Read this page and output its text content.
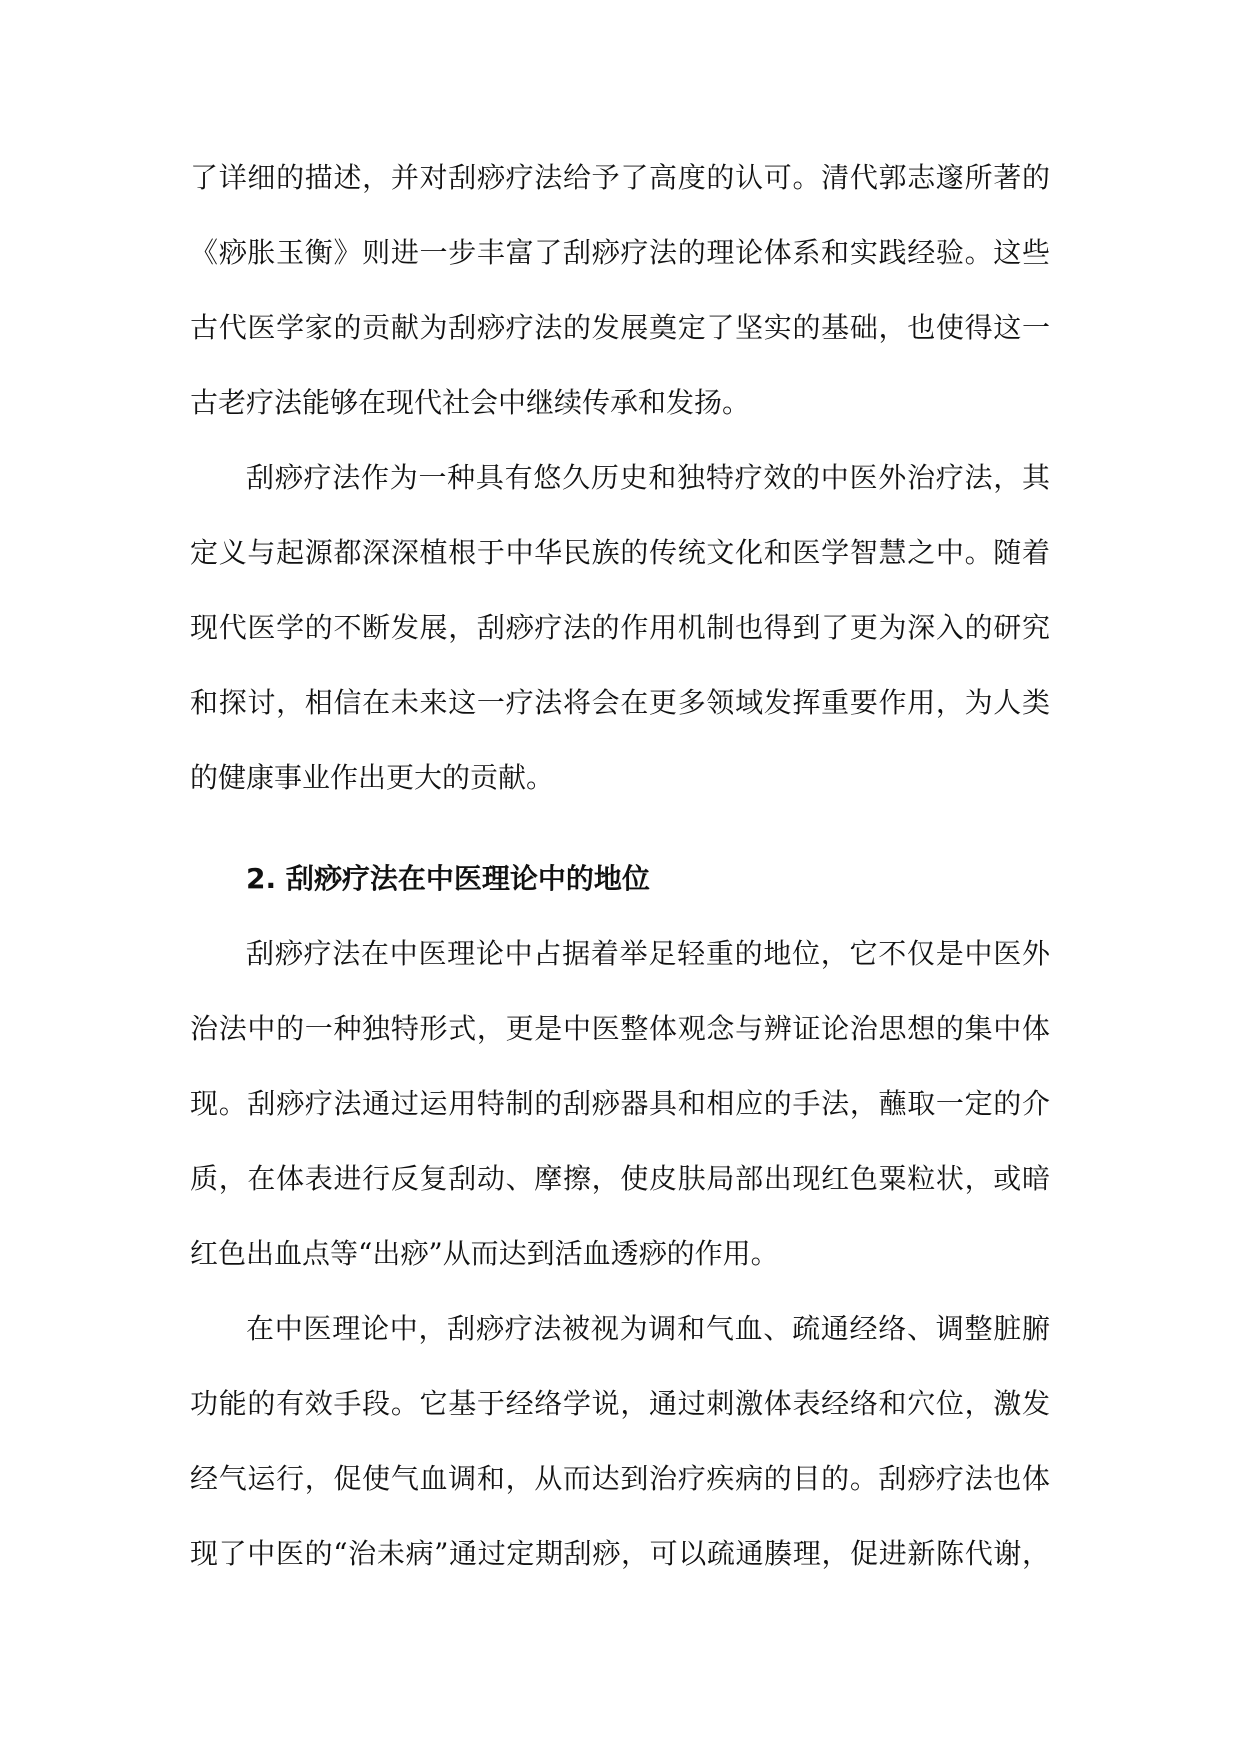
了详细的描述，并对刮痧疗法给予了高度的认可。清代郭志邃所著的
《痧胀玉衡》则进一步丰富了刮痧疗法的理论体系和实践经验。这些
古代医学家的贡献为刮痧疗法的发展奠定了坚实的基础，也使得这一
古老疗法能够在现代社会中继续传承和发扬。
刮痧疗法作为一种具有悠久历史和独特疗效的中医外治疗法，其
定义与起源都深深植根于中华民族的传统文化和医学智慧之中。随着
现代医学的不断发展，刮痧疗法的作用机制也得到了更为深入的研究
和探讨，相信在未来这一疗法将会在更多领域发挥重要作用，为人类
的健康事业作出更大的贡献。
2. 刮痧疗法在中医理论中的地位
刮痧疗法在中医理论中占据着举足轻重的地位，它不仅是中医外
治法中的一种独特形式，更是中医整体观念与辨证论治思想的集中体
现。刮痧疗法通过运用特制的刮痧器具和相应的手法，蘸取一定的介
质，在体表进行反复刮动、摩擦，使皮肤局部出现红色粟粒状，或暗
红色出血点等“出痧”从而达到活血透痧的作用。
在中医理论中，刮痧疗法被视为调和气血、疏通经络、调整脏腑
功能的有效手段。它基于经络学说，通过刺激体表经络和穴位，激发
经气运行，促使气血调和，从而达到治疗疾病的目的。刮痧疗法也体
现了中医的“治未病”通过定期刮痧，可以疏通腠理，促进新陈代谢，
